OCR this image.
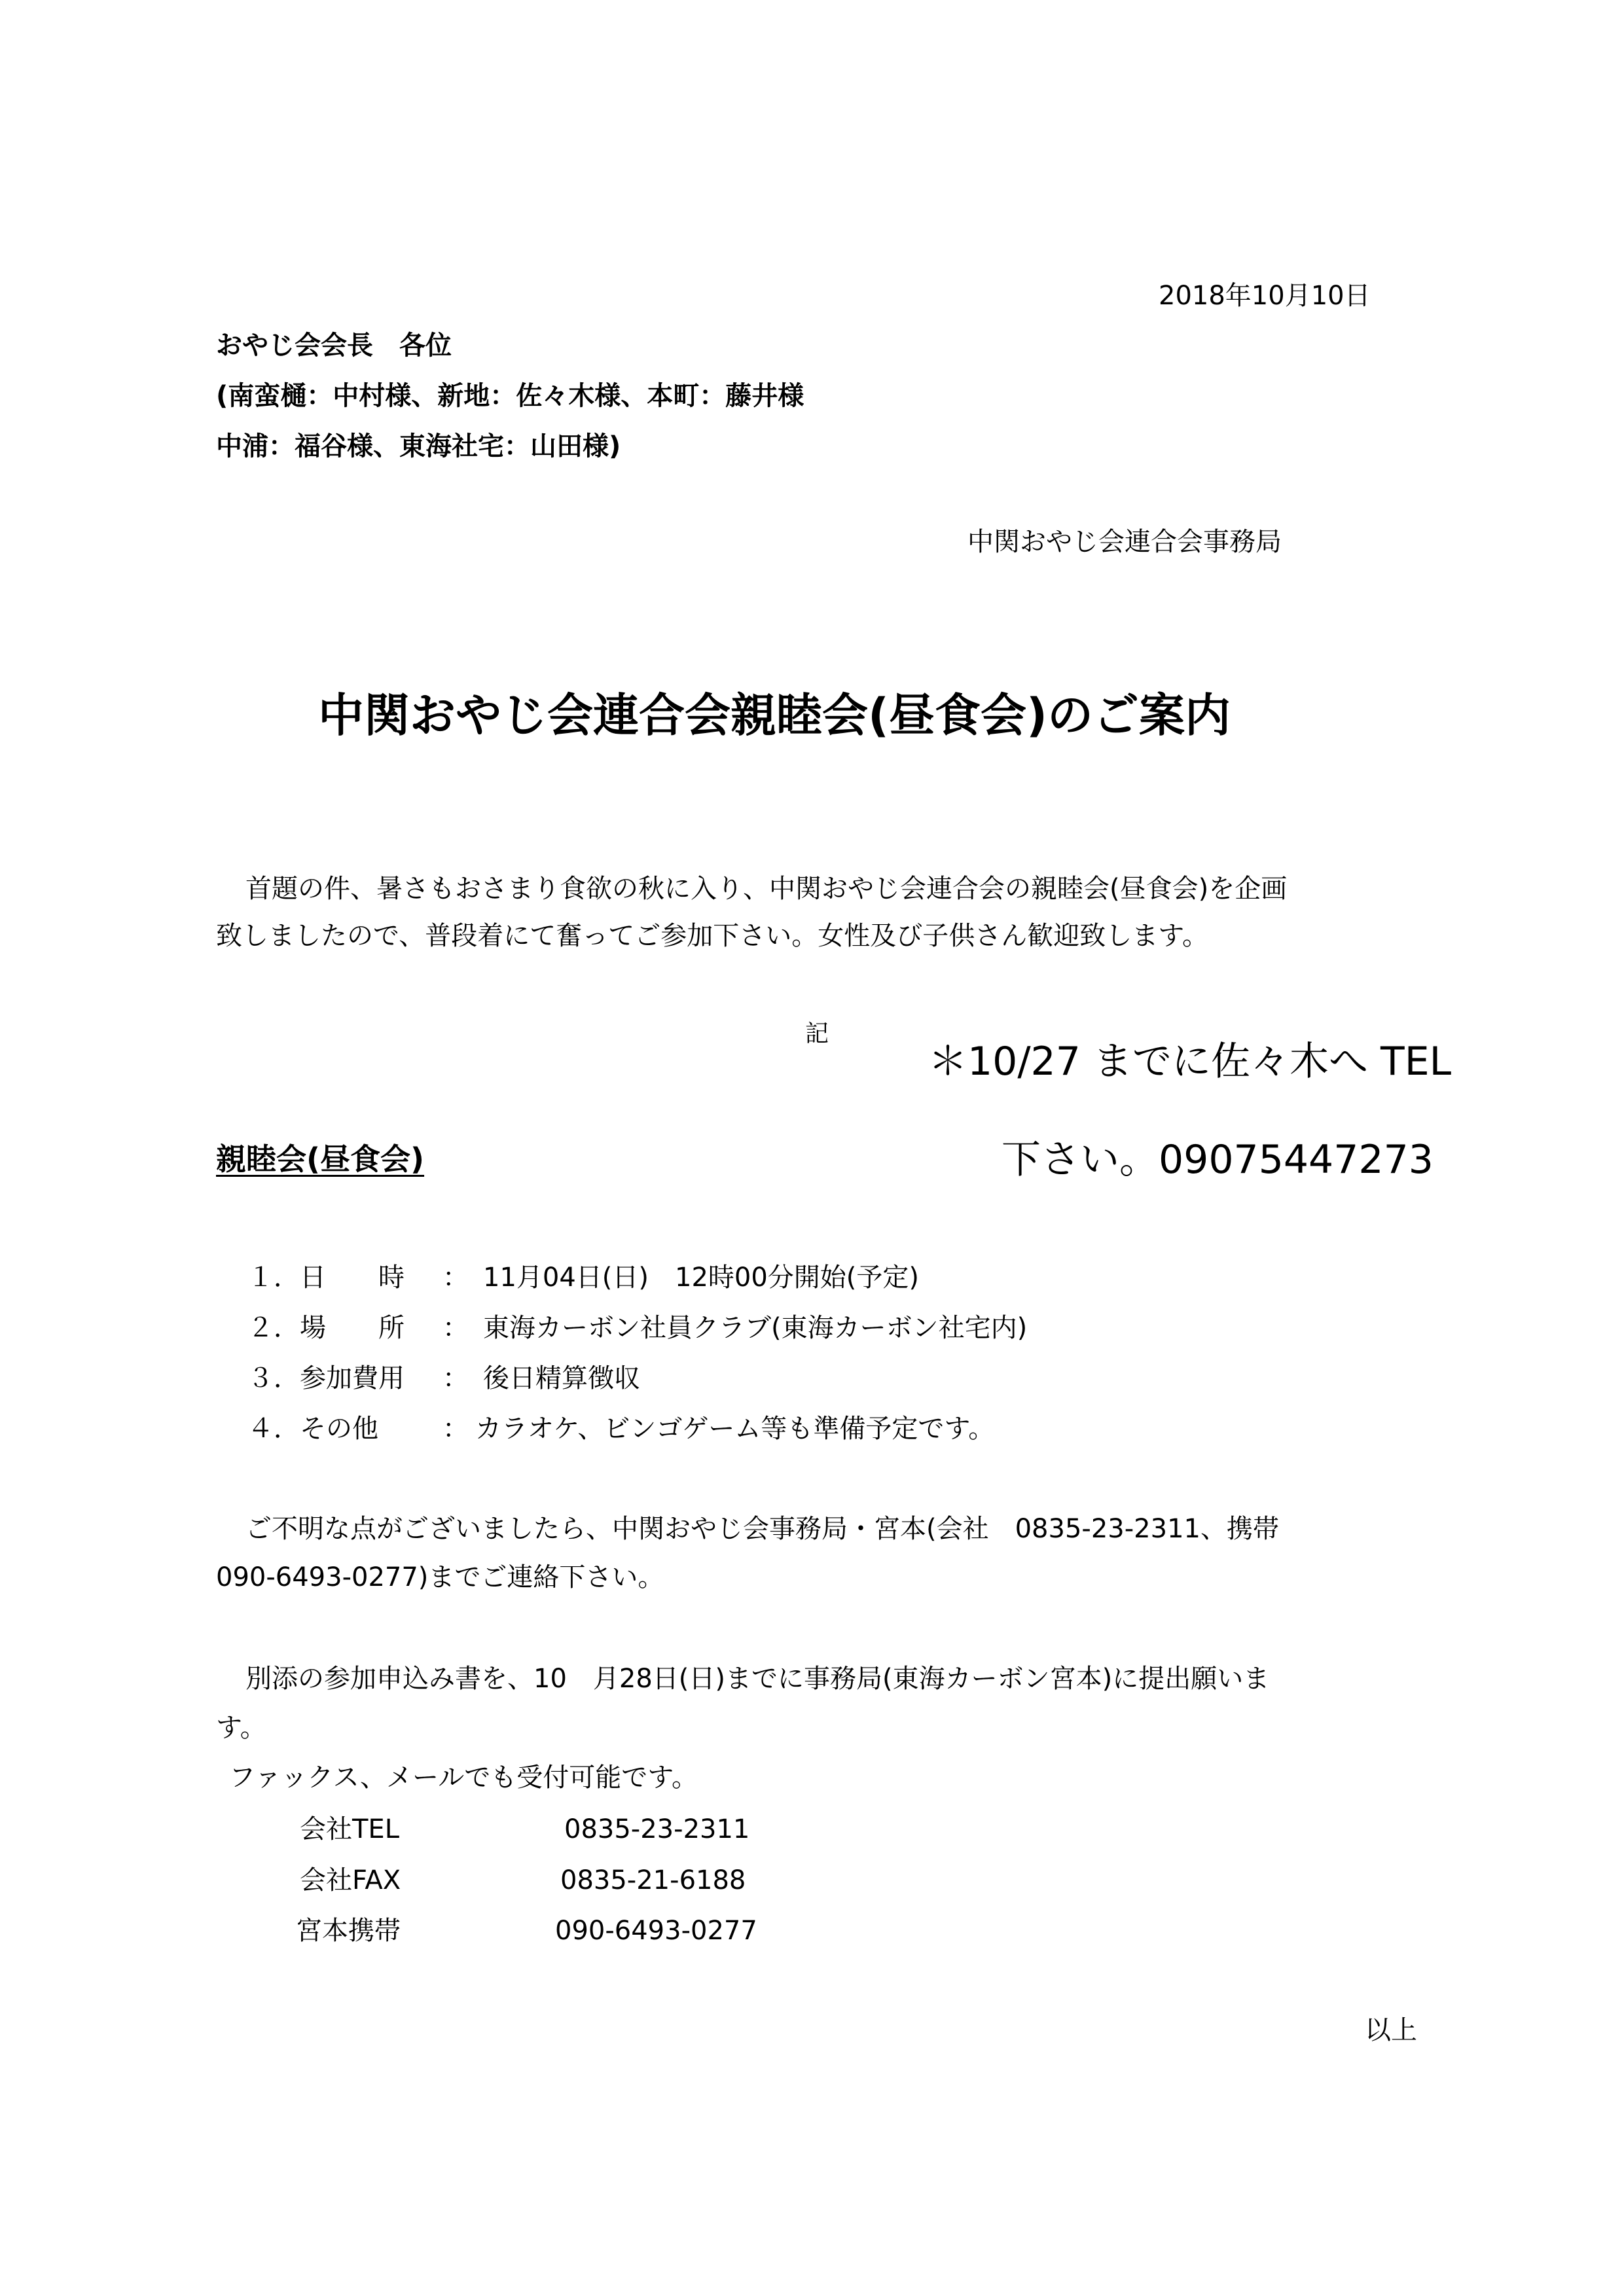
2018年10月10日
おやじ会会長　各位
(南蛮樋：中村様、新地：佐々木様、本町：藤井様
中浦：福谷様、東海社宅：山田様)
中関おやじ会連合会事務局
中関おやじ会連合会親睦会(昼食会)のご案内
首題の件、暑さもおさまり食欲の秋に入り、中関おやじ会連合会の親睦会(昼食会)を企画
致しましたので、普段着にて奮ってご参加下さい。女性及び子供さん歓迎致します。
記
＊10/27 までに佐々木へ TEL
下さい。09075447273
親睦会(昼食会)
１．日　　時 ： 11月04日(日)　12時00分開始(予定)
２．場　　所 ： 東海カーボン社員クラブ(東海カーボン社宅内)
３．参加費用 ： 後日精算徴収
４．その他 ： カラオケ、ビンゴゲーム等も準備予定です。
ご不明な点がございましたら、中関おやじ会事務局・宮本(会社　0835-23-2311、携帯
090-6493-0277)までご連絡下さい。
別添の参加申込み書を、10　月28日(日)までに事務局(東海カーボン宮本)に提出願いま
す。
ファックス、メールでも受付可能です。
会社TEL	0835-23-2311
会社FAX	0835-21-6188
宮本携帯	090-6493-0277
以上
